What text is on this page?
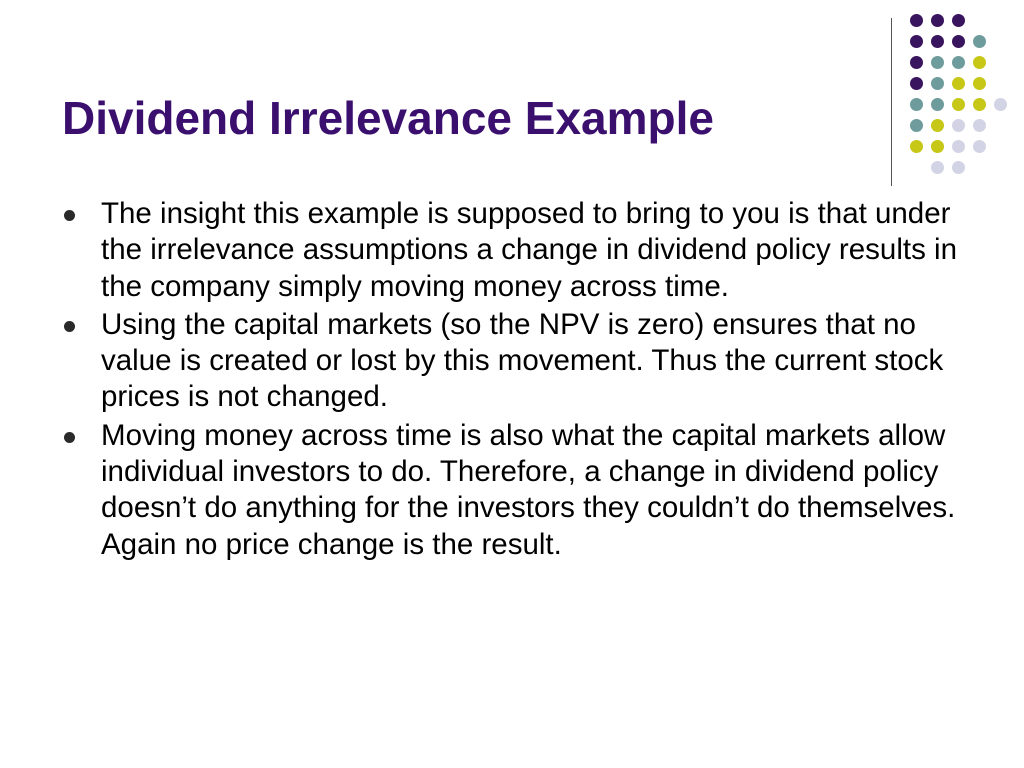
Dividend Irrelevance Example
The insight this example is supposed to bring to you is that under the irrelevance assumptions a change in dividend policy results in the company simply moving money across time.
Using the capital markets (so the NPV is zero) ensures that no value is created or lost by this movement. Thus the current stock prices is not changed.
Moving money across time is also what the capital markets allow individual investors to do. Therefore, a change in dividend policy doesn’t do anything for the investors they couldn’t do themselves. Again no price change is the result.
